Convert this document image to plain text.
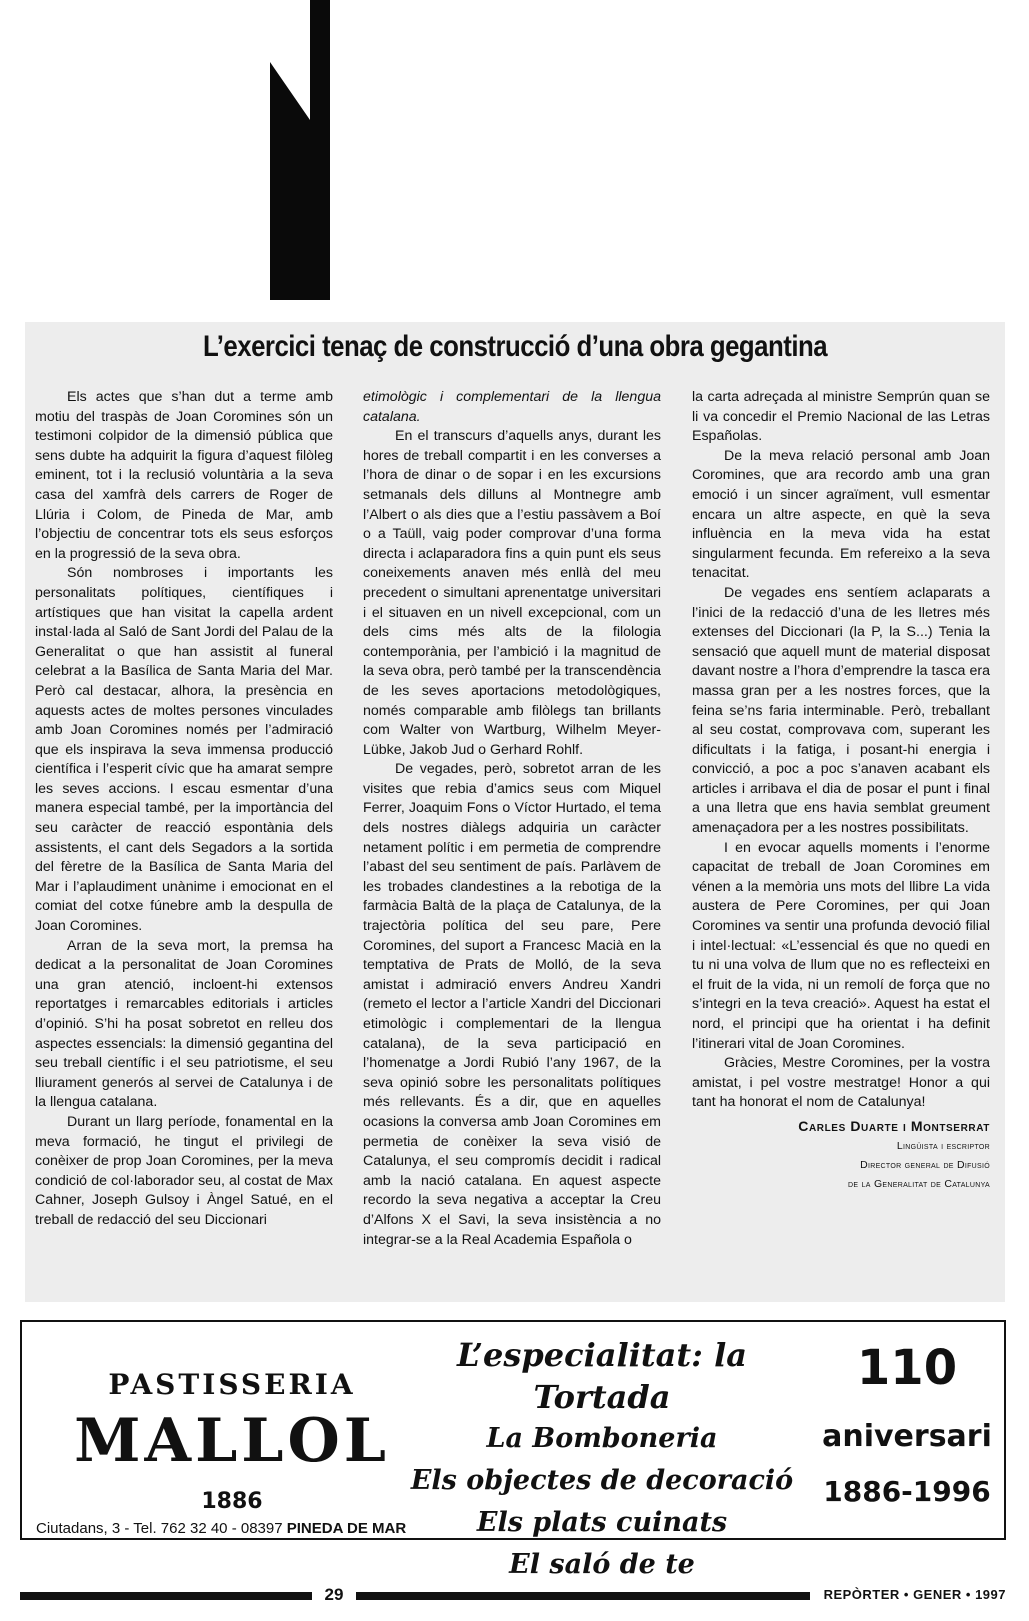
L’exercici tenaç de construcció d’una obra gegantina

Els actes que s’han dut a terme amb motiu del traspàs de Joan Coromines són un testimoni colpidor de la dimensió pública que sens dubte ha adquirit la figura d’aquest filòleg eminent, tot i la reclusió voluntària a la seva casa del xamfrà dels carrers de Roger de Llúria i Colom, de Pineda de Mar, amb l’objectiu de concentrar tots els seus esforços en la progressió de la seva obra.

Són nombroses i importants les personalitats polítiques, científiques i artístiques que han visitat la capella ardent instal·lada al Saló de Sant Jordi del Palau de la Generalitat o que han assistit al funeral celebrat a la Basílica de Santa Maria del Mar. Però cal destacar, alhora, la presència en aquests actes de moltes persones vinculades amb Joan Coromines només per l’admiració que els inspirava la seva immensa producció científica i l’esperit cívic que ha amarat sempre les seves accions. I escau esmentar d’una manera especial també, per la importància del seu caràcter de reacció espontània dels assistents, el cant dels Segadors a la sortida del fèretre de la Basílica de Santa Maria del Mar i l’aplaudiment unànime i emocionat en el comiat del cotxe fúnebre amb la despulla de Joan Coromines.

Arran de la seva mort, la premsa ha dedicat a la personalitat de Joan Coromines una gran atenció, incloent-hi extensos reportatges i remarcables editorials i articles d’opinió. S’hi ha posat sobretot en relleu dos aspectes essencials: la dimensió gegantina del seu treball científic i el seu patriotisme, el seu lliurament generós al servei de Catalunya i de la llengua catalana.

Durant un llarg període, fonamental en la meva formació, he tingut el privilegi de conèixer de prop Joan Coromines, per la meva condició de col·laborador seu, al costat de Max Cahner, Joseph Gulsoy i Àngel Satué, en el treball de redacció del seu Diccionari

etimològic i complementari de la llengua catalana.

En el transcurs d’aquells anys, durant les hores de treball compartit i en les converses a l’hora de dinar o de sopar i en les excursions setmanals dels dilluns al Montnegre amb l’Albert o als dies que a l’estiu passàvem a Boí o a Taüll, vaig poder comprovar d’una forma directa i aclaparadora fins a quin punt els seus coneixements anaven més enllà del meu precedent o simultani aprenentatge universitari i el situaven en un nivell excepcional, com un dels cims més alts de la filologia contemporània, per l’ambició i la magnitud de la seva obra, però també per la transcendència de les seves aportacions metodològiques, només comparable amb filòlegs tan brillants com Walter von Wartburg, Wilhelm Meyer-Lübke, Jakob Jud o Gerhard Rohlf.

De vegades, però, sobretot arran de les visites que rebia d’amics seus com Miquel Ferrer, Joaquim Fons o Víctor Hurtado, el tema dels nostres diàlegs adquiria un caràcter netament polític i em permetia de comprendre l’abast del seu sentiment de país. Parlàvem de les trobades clandestines a la rebotiga de la farmàcia Baltà de la plaça de Catalunya, de la trajectòria política del seu pare, Pere Coromines, del suport a Francesc Macià en la temptativa de Prats de Molló, de la seva amistat i admiració envers Andreu Xandri (remeto el lector a l’article Xandri del Diccionari etimològic i complementari de la llengua catalana), de la seva participació en l’homenatge a Jordi Rubió l’any 1967, de la seva opinió sobre les personalitats polítiques més rellevants. És a dir, que en aquelles ocasions la conversa amb Joan Coromines em permetia de conèixer la seva visió de Catalunya, el seu compromís decidit i radical amb la nació catalana. En aquest aspecte recordo la seva negativa a acceptar la Creu d’Alfons X el Savi, la seva insistència a no integrar-se a la Real Academia Española o

la carta adreçada al ministre Semprún quan se li va concedir el Premio Nacional de las Letras Españolas.

De la meva relació personal amb Joan Coromines, que ara recordo amb una gran emoció i un sincer agraïment, vull esmentar encara un altre aspecte, en què la seva influència en la meva vida ha estat singularment fecunda. Em refereixo a la seva tenacitat.

De vegades ens sentíem aclaparats a l’inici de la redacció d’una de les lletres més extenses del Diccionari (la P, la S...) Tenia la sensació que aquell munt de material disposat davant nostre a l’hora d’emprendre la tasca era massa gran per a les nostres forces, que la feina se’ns faria interminable. Però, treballant al seu costat, comprovava com, superant les dificultats i la fatiga, i posant-hi energia i convicció, a poc a poc s’anaven acabant els articles i arribava el dia de posar el punt i final a una lletra que ens havia semblat greument amenaçadora per a les nostres possibilitats.

I en evocar aquells moments i l’enorme capacitat de treball de Joan Coromines em vénen a la memòria uns mots del llibre La vida austera de Pere Coromines, per qui Joan Coromines va sentir una profunda devoció filial i intel·lectual: «L’essencial és que no quedi en tu ni una volva de llum que no es reflecteixi en el fruit de la vida, ni un remolí de força que no s’integri en la teva creació». Aquest ha estat el nord, el principi que ha orientat i ha definit l’itinerari vital de Joan Coromines.

Gràcies, Mestre Coromines, per la vostra amistat, i pel vostre mestratge! Honor a qui tant ha honorat el nom de Catalunya!

Carles Duarte i Montserrat
Lingüista i escriptor
Director general de Difusió
de la Generalitat de Catalunya
PASTISSERIA
MALLOL
1886
Ciutadans, 3 - Tel. 762 32 40 - 08397 PINEDA DE MAR
L’especialitat: la Tortada
La Bomboneria
Els objectes de decoració
Els plats cuinats
El saló de te
110
aniversari
1886-1996
29	REPÒRTER • GENER • 1997
